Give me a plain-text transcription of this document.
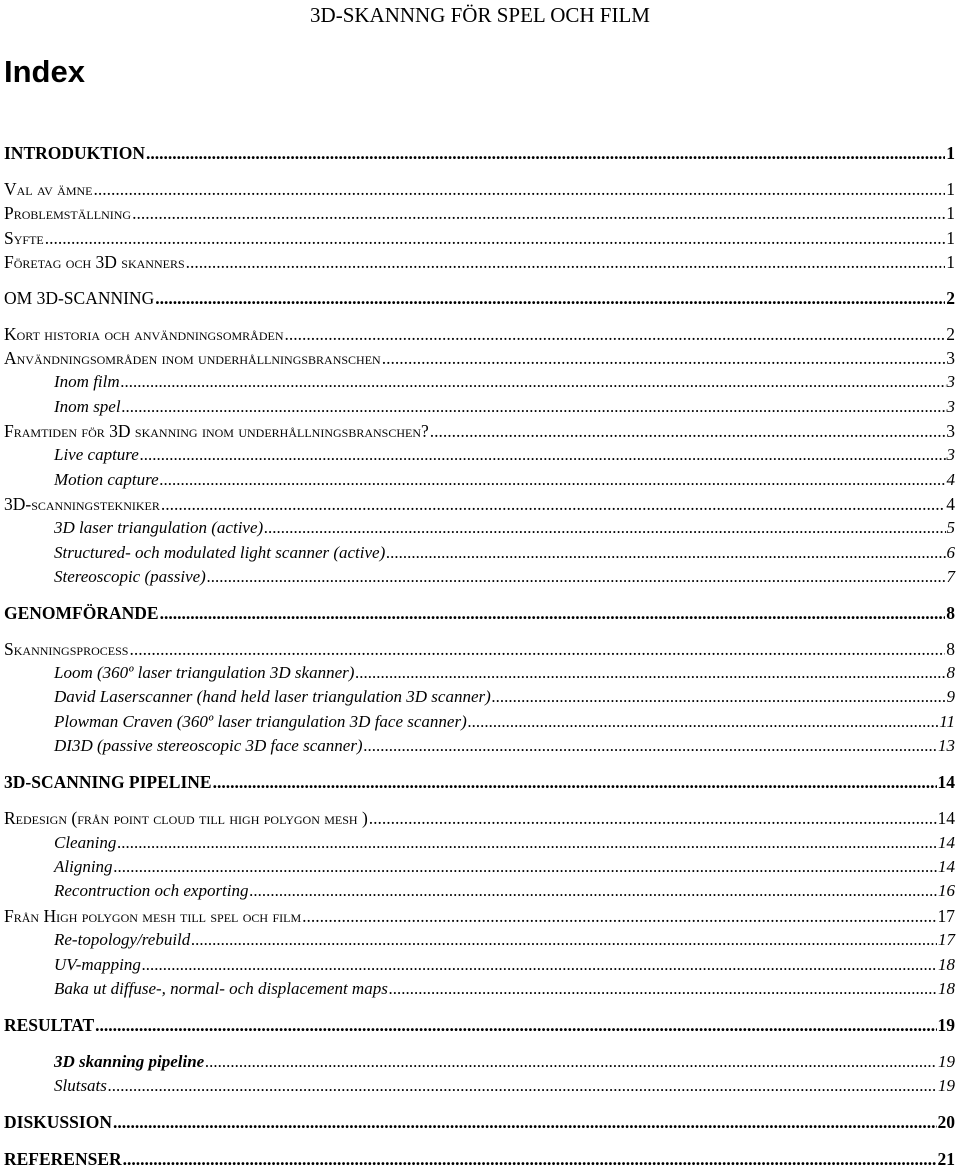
3D-SKANNNG FÖR SPEL OCH FILM
Index
INTRODUKTION .....	1
Val av ämne .....	1
Problemställning .....	1
Syfte .....	1
Företag och 3D skanners .....	1
OM 3D-SCANNING .....	2
Kort historia och användningsområden .....	2
Användningsområden inom underhållningsbranschen .....	3
Inom film .....	3
Inom spel .....	3
Framtiden för 3D skanning inom underhållningsbranschen? .....	3
Live capture .....	3
Motion capture .....	4
3D-scanningstekniker .....	4
3D laser triangulation (active) .....	5
Structured- och modulated light scanner (active) .....	6
Stereoscopic (passive) .....	7
GENOMFÖRANDE .....	8
Skanningsprocess .....	8
Loom (360º laser triangulation 3D skanner) .....	8
David Laserscanner (hand held laser triangulation 3D scanner) .....	9
Plowman Craven (360º laser triangulation 3D face scanner) .....	11
DI3D (passive stereoscopic 3D face scanner) .....	13
3D-SCANNING PIPELINE .....	14
Redesign (från point cloud till high polygon mesh ) .....	14
Cleaning .....	14
Aligning .....	14
Recontruction och exporting .....	16
Från High polygon mesh till spel och film .....	17
Re-topology/rebuild .....	17
UV-mapping .....	18
Baka ut diffuse-, normal- och displacement maps .....	18
RESULTAT .....	19
3D skanning pipeline .....	19
Slutsats .....	19
DISKUSSION .....	20
REFERENSER .....	21
